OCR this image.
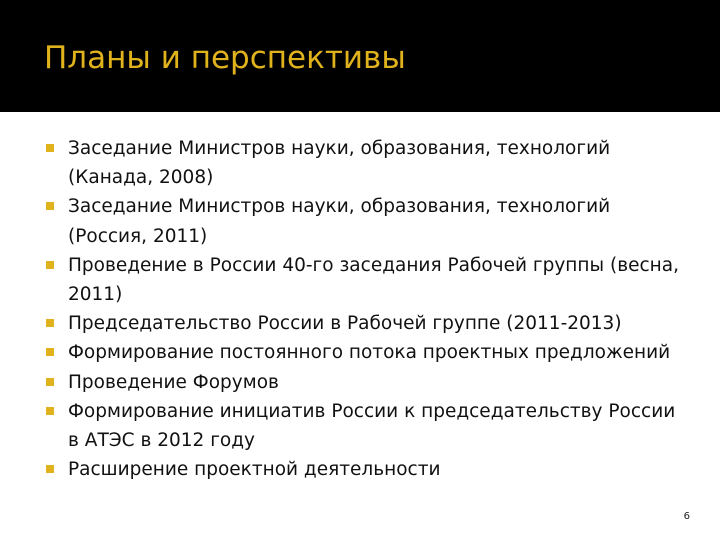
Планы и перспективы
Заседание Министров науки, образования, технологий (Канада, 2008)
Заседание Министров науки, образования, технологий (Россия, 2011)
Проведение в России 40-го заседания Рабочей группы (весна, 2011)
Председательство России в Рабочей группе (2011-2013)
Формирование постоянного потока проектных предложений
Проведение Форумов
Формирование инициатив России к председательству России в АТЭС в 2012 году
Расширение проектной деятельности
6
